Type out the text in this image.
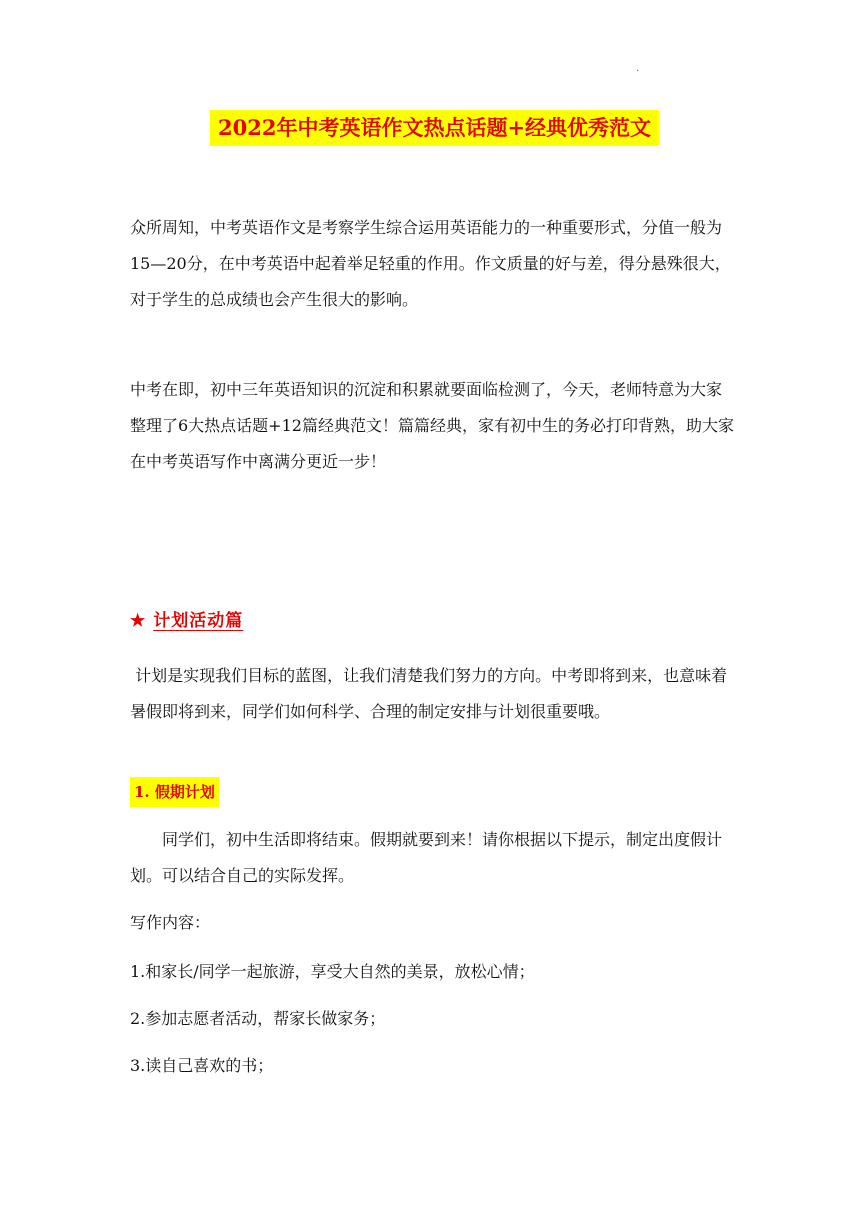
.
2022年中考英语作文热点话题+经典优秀范文

众所周知，中考英语作文是考察学生综合运用英语能力的一种重要形式，分值一般为15—20分，在中考英语中起着举足轻重的作用。作文质量的好与差，得分悬殊很大，对于学生的总成绩也会产生很大的影响。

中考在即，初中三年英语知识的沉淀和积累就要面临检测了，今天，老师特意为大家整理了6大热点话题+12篇经典范文！篇篇经典，家有初中生的务必打印背熟，助大家在中考英语写作中离满分更近一步！

★ 计划活动篇

计划是实现我们目标的蓝图，让我们清楚我们努力的方向。中考即将到来，也意味着暑假即将到来，同学们如何科学、合理的制定安排与计划很重要哦。

1. 假期计划

同学们，初中生活即将结束。假期就要到来！请你根据以下提示，制定出度假计划。可以结合自己的实际发挥。

写作内容：
1.和家长/同学一起旅游，享受大自然的美景，放松心情；
2.参加志愿者活动，帮家长做家务；
3.读自己喜欢的书；
